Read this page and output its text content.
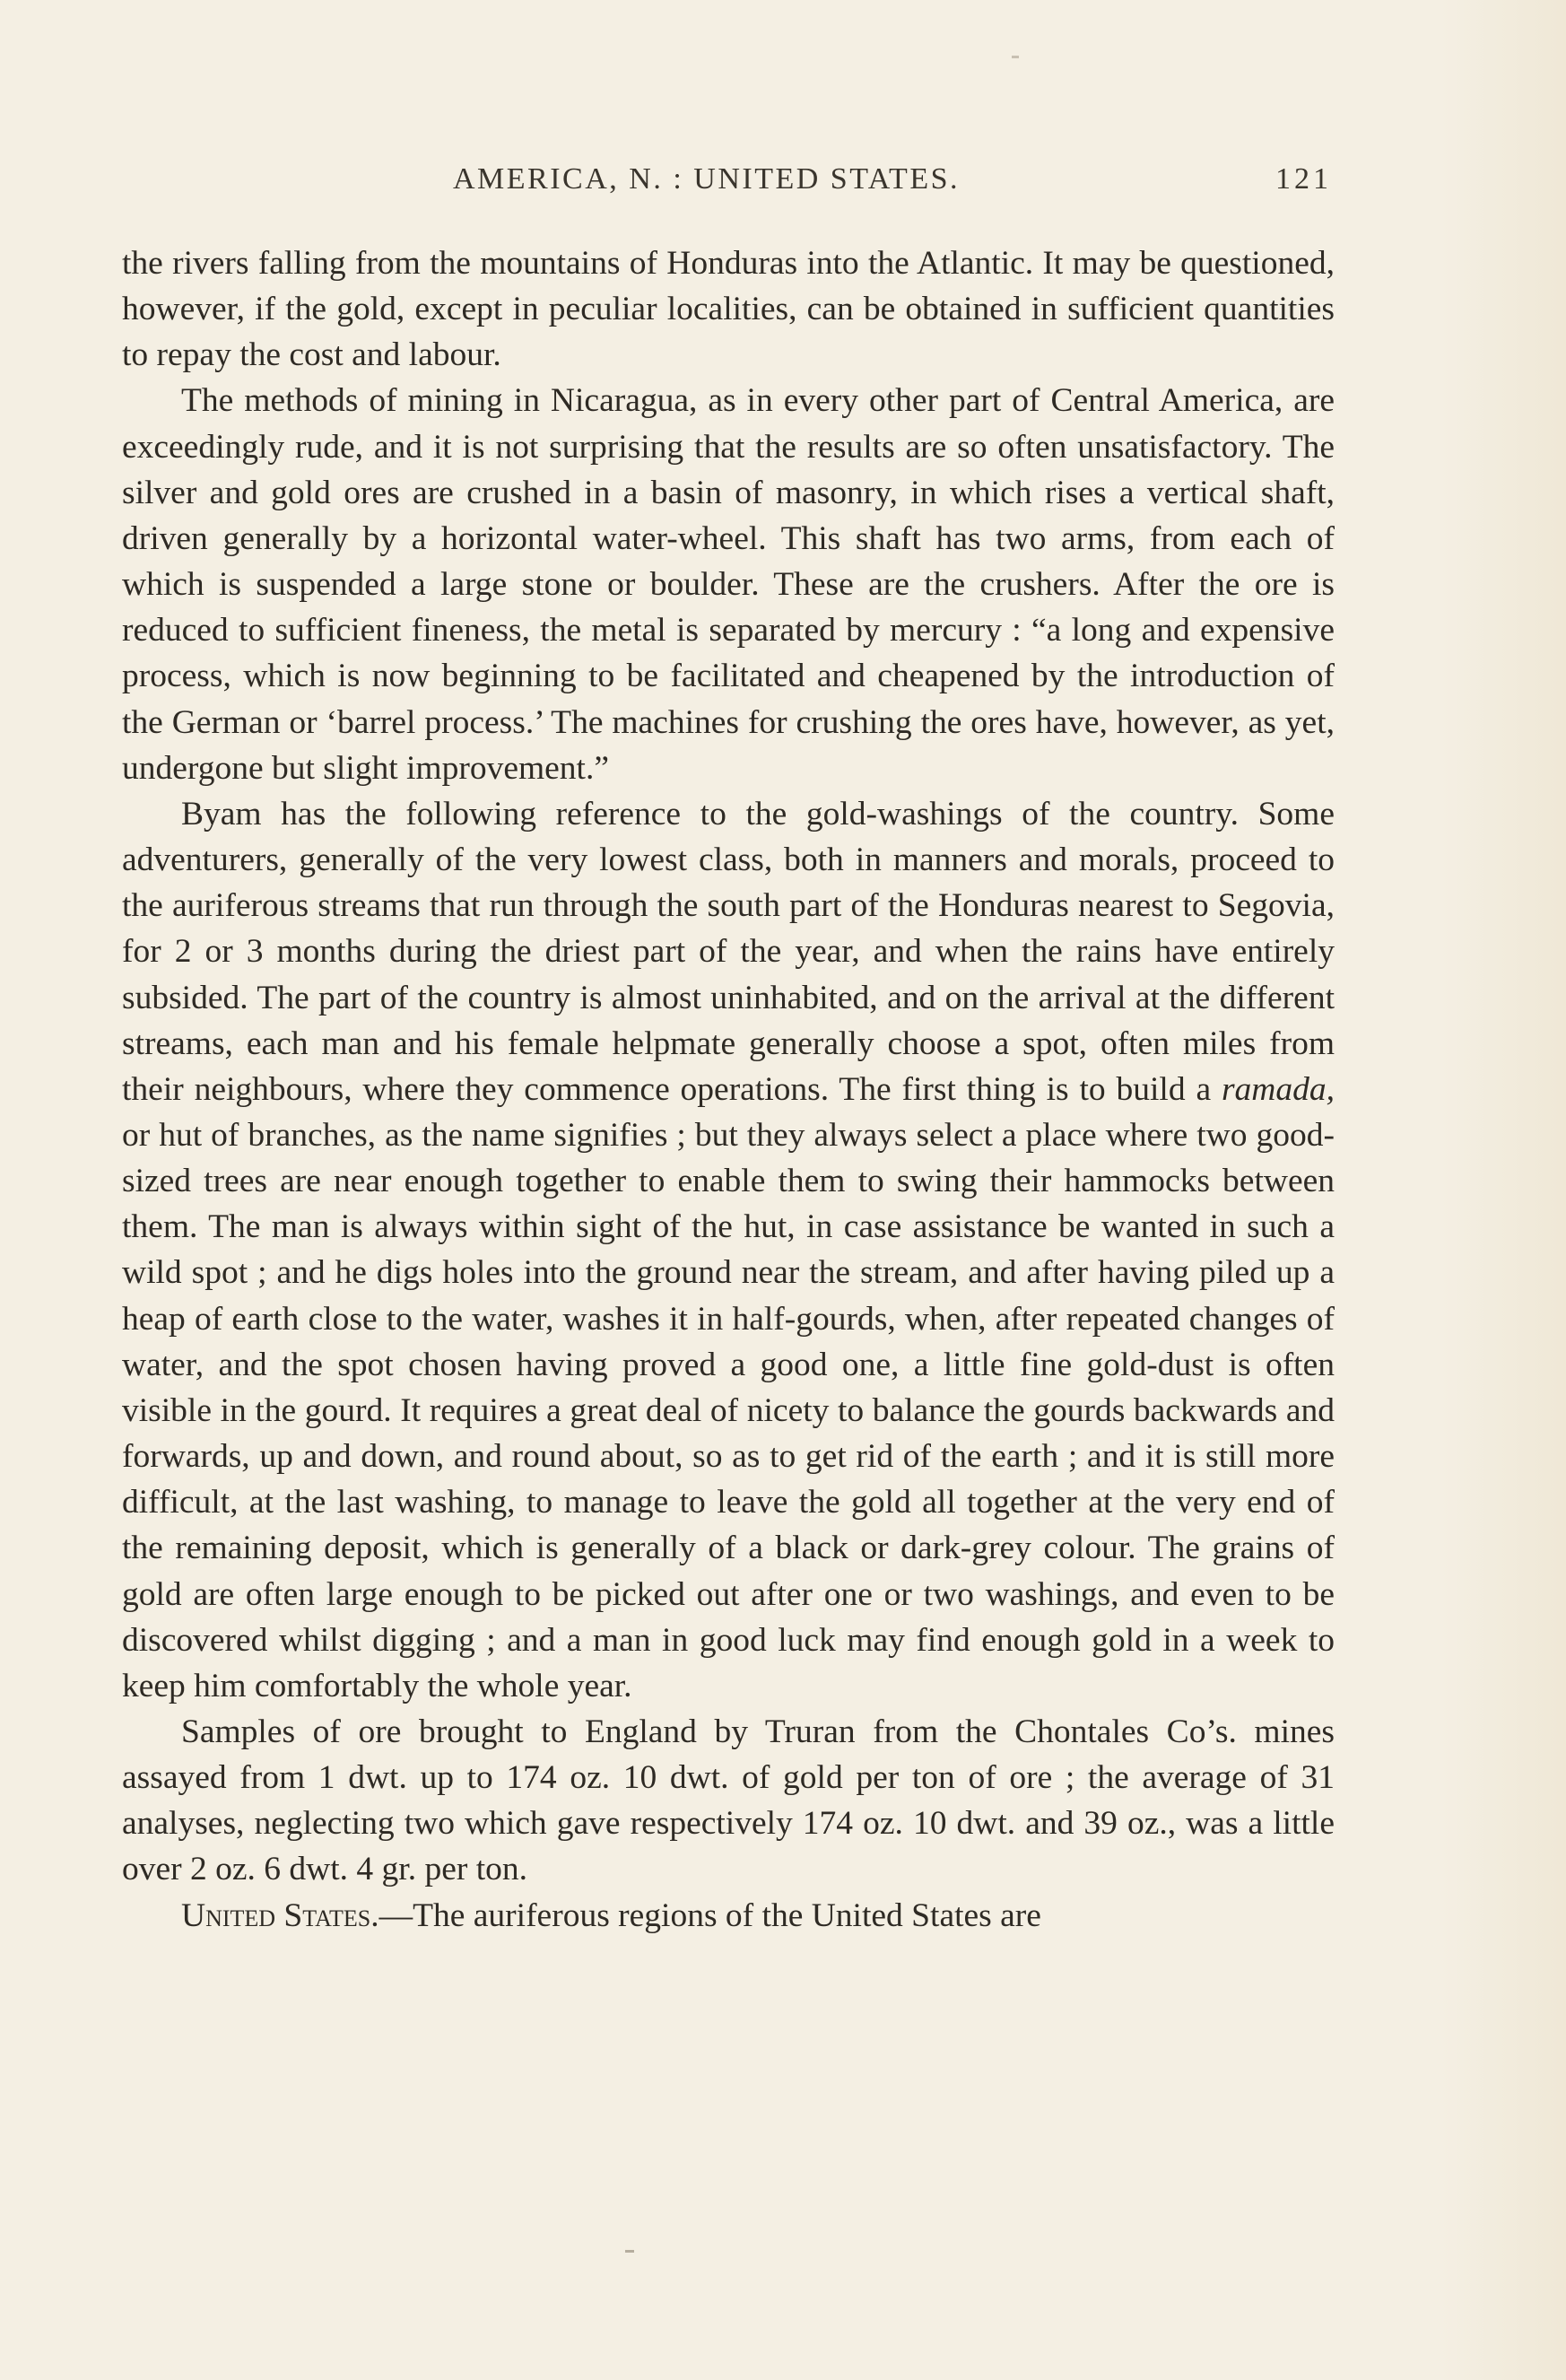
AMERICA, N. : UNITED STATES.	121

the rivers falling from the mountains of Honduras into the Atlantic. It may be questioned, however, if the gold, except in peculiar localities, can be obtained in sufficient quantities to repay the cost and labour.

The methods of mining in Nicaragua, as in every other part of Central America, are exceedingly rude, and it is not surprising that the results are so often unsatisfactory. The silver and gold ores are crushed in a basin of masonry, in which rises a vertical shaft, driven generally by a horizontal water-wheel. This shaft has two arms, from each of which is suspended a large stone or boulder. These are the crushers. After the ore is reduced to sufficient fineness, the metal is separated by mercury : “a long and expensive process, which is now beginning to be facilitated and cheapened by the introduction of the German or ‘barrel process.’ The machines for crushing the ores have, however, as yet, undergone but slight improvement.”

Byam has the following reference to the gold-washings of the country. Some adventurers, generally of the very lowest class, both in manners and morals, proceed to the auriferous streams that run through the south part of the Honduras nearest to Segovia, for 2 or 3 months during the driest part of the year, and when the rains have entirely subsided. The part of the country is almost uninhabited, and on the arrival at the different streams, each man and his female helpmate generally choose a spot, often miles from their neighbours, where they commence operations. The first thing is to build a ramada, or hut of branches, as the name signifies ; but they always select a place where two good-sized trees are near enough together to enable them to swing their hammocks between them. The man is always within sight of the hut, in case assistance be wanted in such a wild spot ; and he digs holes into the ground near the stream, and after having piled up a heap of earth close to the water, washes it in half-gourds, when, after repeated changes of water, and the spot chosen having proved a good one, a little fine gold-dust is often visible in the gourd. It requires a great deal of nicety to balance the gourds backwards and forwards, up and down, and round about, so as to get rid of the earth ; and it is still more difficult, at the last washing, to manage to leave the gold all together at the very end of the remaining deposit, which is generally of a black or dark-grey colour. The grains of gold are often large enough to be picked out after one or two washings, and even to be discovered whilst digging ; and a man in good luck may find enough gold in a week to keep him comfortably the whole year.

Samples of ore brought to England by Truran from the Chontales Co’s. mines assayed from 1 dwt. up to 174 oz. 10 dwt. of gold per ton of ore ; the average of 31 analyses, neglecting two which gave respectively 174 oz. 10 dwt. and 39 oz., was a little over 2 oz. 6 dwt. 4 gr. per ton.

United States.—The auriferous regions of the United States are
